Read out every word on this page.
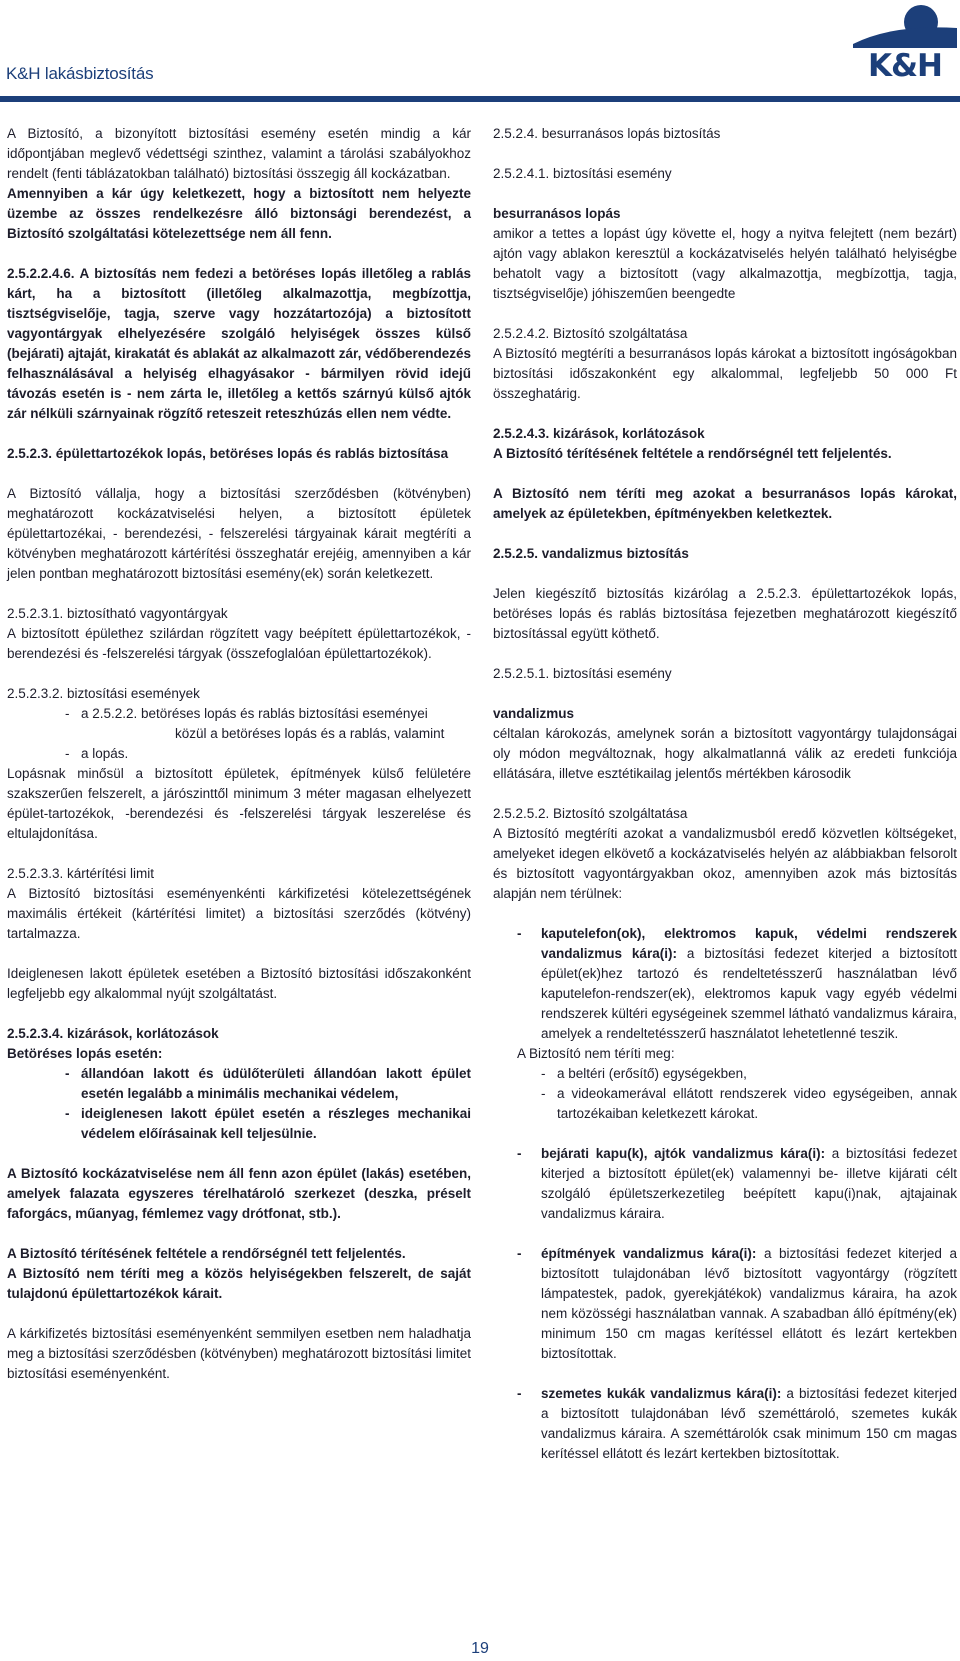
K&H lakásbiztosítás	K&H

A Biztosító, a bizonyított biztosítási esemény esetén mindig a kár időpontjában meglevő védettségi szinthez, valamint a tárolási szabályokhoz rendelt (fenti táblázatokban található) biztosítási összegig áll kockázatban.

Amennyiben a kár úgy keletkezett, hogy a biztosított nem helyezte üzembe az összes rendelkezésre álló biztonsági berendezést, a Biztosító szolgáltatási kötelezettsége nem áll fenn.

2.5.2.2.4.6. A biztosítás nem fedezi a betöréses lopás illetőleg a rablás kárt, ha a biztosított (illetőleg alkalmazottja, megbízottja, tisztségviselője, tagja, szerve vagy hozzátartozója) a biztosított vagyontárgyak elhelyezésére szolgáló helyiségek összes külső (bejárati) ajtaját, kirakatát és ablakát az alkalmazott zár, védőberendezés felhasználásával a helyiség elhagyásakor - bármilyen rövid idejű távozás esetén is - nem zárta le, illetőleg a kettős szárnyú külső ajtók zár nélküli szárnyainak rögzítő reteszeit reteszhúzás ellen nem védte.

2.5.2.3. épülettartozékok lopás, betöréses lopás és rablás biztosítása

A Biztosító vállalja, hogy a biztosítási szerződésben (kötvényben) meghatározott kockázatviselési helyen, a biztosított épületek épülettartozékai, - berendezési, - felszerelési tárgyainak kárait megtéríti a kötvényben meghatározott kártérítési összeghatár erejéig, amennyiben a kár jelen pontban meghatározott biztosítási esemény(ek) során keletkezett.

2.5.2.3.1. biztosítható vagyontárgyak

A biztosított épülethez szilárdan rögzített vagy beépített épülettartozékok, -berendezési és -felszerelési tárgyak (összefoglalóan épülettartozékok).

2.5.2.3.2. biztosítási események

- a 2.5.2.2. betöréses lopás és rablás biztosítási eseményei
közül a betöréses lopás és a rablás, valamint
- a lopás.

Lopásnak minősül a biztosított épületek, építmények külső felületére szakszerűen felszerelt, a járószinttől minimum 3 méter magasan elhelyezett épület-tartozékok, -berendezési és -felszerelési tárgyak leszerelése és eltulajdonítása.

2.5.2.3.3. kártérítési limit

A Biztosító biztosítási eseményenkénti kárkifizetési kötelezettségének maximális értékeit (kártérítési limitet) a biztosítási szerződés (kötvény) tartalmazza.

Ideiglenesen lakott épületek esetében a Biztosító biztosítási időszakonként legfeljebb egy alkalommal nyújt szolgáltatást.

2.5.2.3.4. kizárások, korlátozások

Betöréses lopás esetén:

- állandóan lakott és üdülőterületi állandóan lakott épület esetén legalább a minimális mechanikai védelem,
- ideiglenesen lakott épület esetén a részleges mechanikai védelem előírásainak kell teljesülnie.

A Biztosító kockázatviselése nem áll fenn azon épület (lakás) esetében, amelyek falazata egyszeres térelhatároló szerkezet (deszka, préselt faforgács, műanyag, fémlemez vagy drótfonat, stb.).

A Biztosító térítésének feltétele a rendőrségnél tett feljelentés.

A Biztosító nem téríti meg a közös helyiségekben felszerelt, de saját tulajdonú épülettartozékok kárait.

A kárkifizetés biztosítási eseményenként semmilyen esetben nem haladhatja meg a biztosítási szerződésben (kötvényben) meghatározott biztosítási limitet biztosítási eseményenként.

2.5.2.4. besurranásos lopás biztosítás

2.5.2.4.1. biztosítási esemény

besurranásos lopás

amikor a tettes a lopást úgy követte el, hogy a nyitva felejtett (nem bezárt) ajtón vagy ablakon keresztül a kockázatviselés helyén található helyiségbe behatolt vagy a biztosított (vagy alkalmazottja, megbízottja, tagja, tisztségviselője) jóhiszeműen beengedte

2.5.2.4.2. Biztosító szolgáltatása

A Biztosító megtéríti a besurranásos lopás károkat a biztosított ingóságokban biztosítási időszakonként egy alkalommal, legfeljebb 50 000 Ft összeghatárig.

2.5.2.4.3. kizárások, korlátozások

A Biztosító térítésének feltétele a rendőrségnél tett feljelentés.

A Biztosító nem téríti meg azokat a besurranásos lopás károkat, amelyek az épületekben, építményekben keletkeztek.

2.5.2.5. vandalizmus biztosítás

Jelen kiegészítő biztosítás kizárólag a 2.5.2.3. épülettartozékok lopás, betöréses lopás és rablás biztosítása fejezetben meghatározott kiegészítő biztosítással együtt köthető.

2.5.2.5.1. biztosítási esemény

vandalizmus

céltalan károkozás, amelynek során a biztosított vagyontárgy tulajdonságai oly módon megváltoznak, hogy alkalmatlanná válik az eredeti funkciója ellátására, illetve esztétikailag jelentős mértékben károsodik

2.5.2.5.2. Biztosító szolgáltatása

A Biztosító megtéríti azokat a vandalizmusból eredő közvetlen költségeket, amelyeket idegen elkövető a kockázatviselés helyén az alábbiakban felsorolt és biztosított vagyontárgyakban okoz, amennyiben azok más biztosítás alapján nem térülnek:

- kaputelefon(ok), elektromos kapuk, védelmi rendszerek vandalizmus kára(i): a biztosítási fedezet kiterjed a biztosított épület(ek)hez tartozó és rendeltetésszerű használatban lévő kaputelefon-rendszer(ek), elektromos kapuk vagy egyéb védelmi rendszerek kültéri egységeinek szemmel látható vandalizmus káraira, amelyek a rendeltetésszerű használatot lehetetlenné teszik.
A Biztosító nem téríti meg:
- a beltéri (erősítő) egységekben,
- a videokamerával ellátott rendszerek video egységeiben, annak tartozékaiban keletkezett károkat.
- bejárati kapu(k), ajtók vandalizmus kára(i): a biztosítási fedezet kiterjed a biztosított épület(ek) valamennyi be- illetve kijárati célt szolgáló épületszerkezetileg beépített kapu(i)nak, ajtajainak vandalizmus káraira.
- építmények vandalizmus kára(i): a biztosítási fedezet kiterjed a biztosított tulajdonában lévő biztosított vagyontárgy (rögzített lámpatestek, padok, gyerekjátékok) vandalizmus káraira, ha azok nem közösségi használatban vannak. A szabadban álló építmény(ek) minimum 150 cm magas kerítéssel ellátott és lezárt kertekben biztosítottak.
- szemetes kukák vandalizmus kára(i): a biztosítási fedezet kiterjed a biztosított tulajdonában lévő szeméttároló, szemetes kukák vandalizmus káraira. A szeméttárolók csak minimum 150 cm magas kerítéssel ellátott és lezárt kertekben biztosítottak.
19
